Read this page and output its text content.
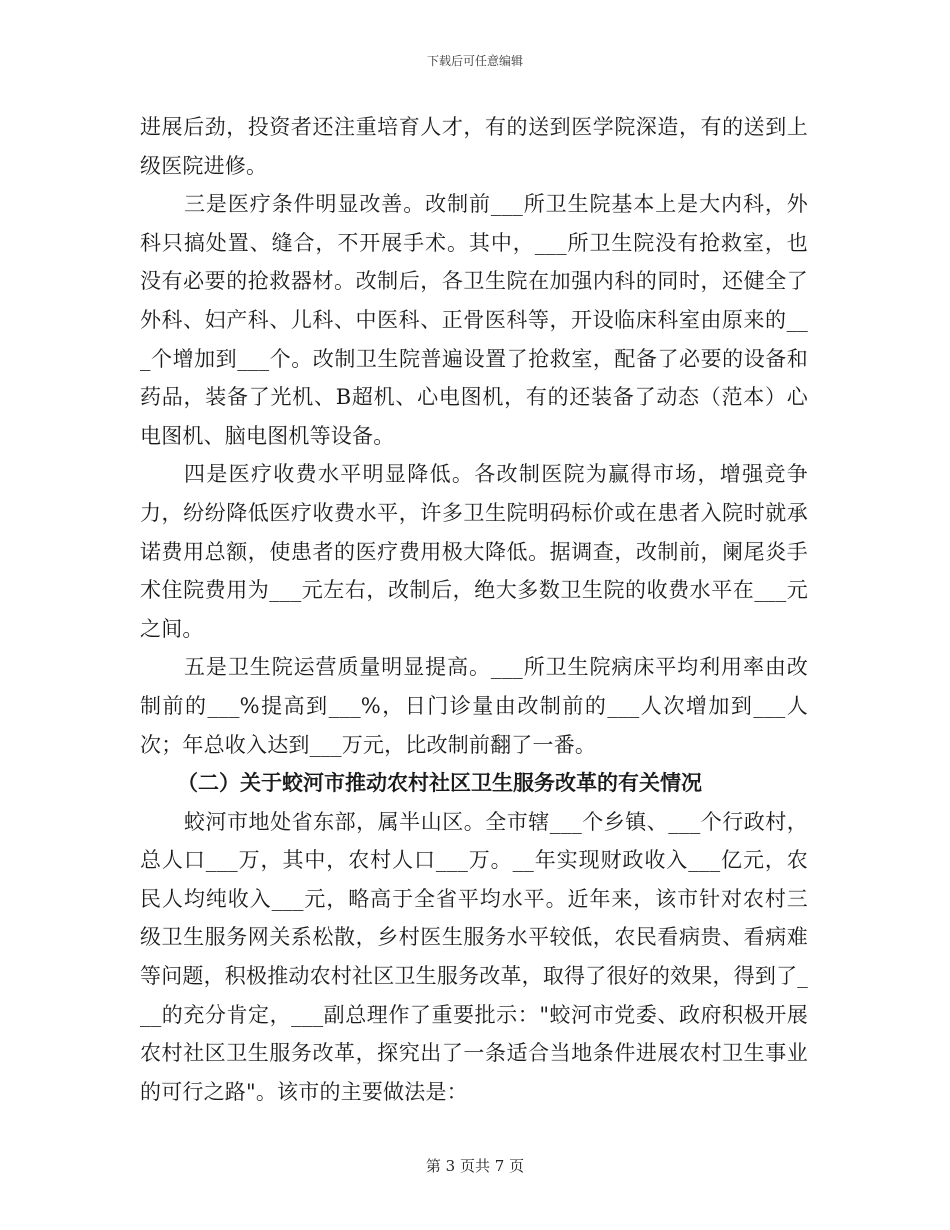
下载后可任意编辑

进展后劲，投资者还注重培育人才，有的送到医学院深造，有的送到上级医院进修。

三是医疗条件明显改善。改制前___所卫生院基本上是大内科，外科只搞处置、缝合，不开展手术。其中，___所卫生院没有抢救室，也没有必要的抢救器材。改制后，各卫生院在加强内科的同时，还健全了外科、妇产科、儿科、中医科、正骨医科等，开设临床科室由原来的___个增加到___个。改制卫生院普遍设置了抢救室，配备了必要的设备和药品，装备了光机、B超机、心电图机，有的还装备了动态（范本）心电图机、脑电图机等设备。

四是医疗收费水平明显降低。各改制医院为赢得市场，增强竞争力，纷纷降低医疗收费水平，许多卫生院明码标价或在患者入院时就承诺费用总额，使患者的医疗费用极大降低。据调查，改制前，阑尾炎手术住院费用为___元左右，改制后，绝大多数卫生院的收费水平在___元之间。

五是卫生院运营质量明显提高。___所卫生院病床平均利用率由改制前的___%提高到___%，日门诊量由改制前的___人次增加到___人次；年总收入达到___万元，比改制前翻了一番。

（二）关于蛟河市推动农村社区卫生服务改革的有关情况

蛟河市地处省东部，属半山区。全市辖___个乡镇、___个行政村，总人口___万，其中，农村人口___万。__年实现财政收入___亿元，农民人均纯收入___元，略高于全省平均水平。近年来，该市针对农村三级卫生服务网关系松散，乡村医生服务水平较低，农民看病贵、看病难等问题，积极推动农村社区卫生服务改革，取得了很好的效果，得到了___的充分肯定，___副总理作了重要批示："蛟河市党委、政府积极开展农村社区卫生服务改革，探究出了一条适合当地条件进展农村卫生事业的可行之路"。该市的主要做法是：

第 3 页共 7 页
